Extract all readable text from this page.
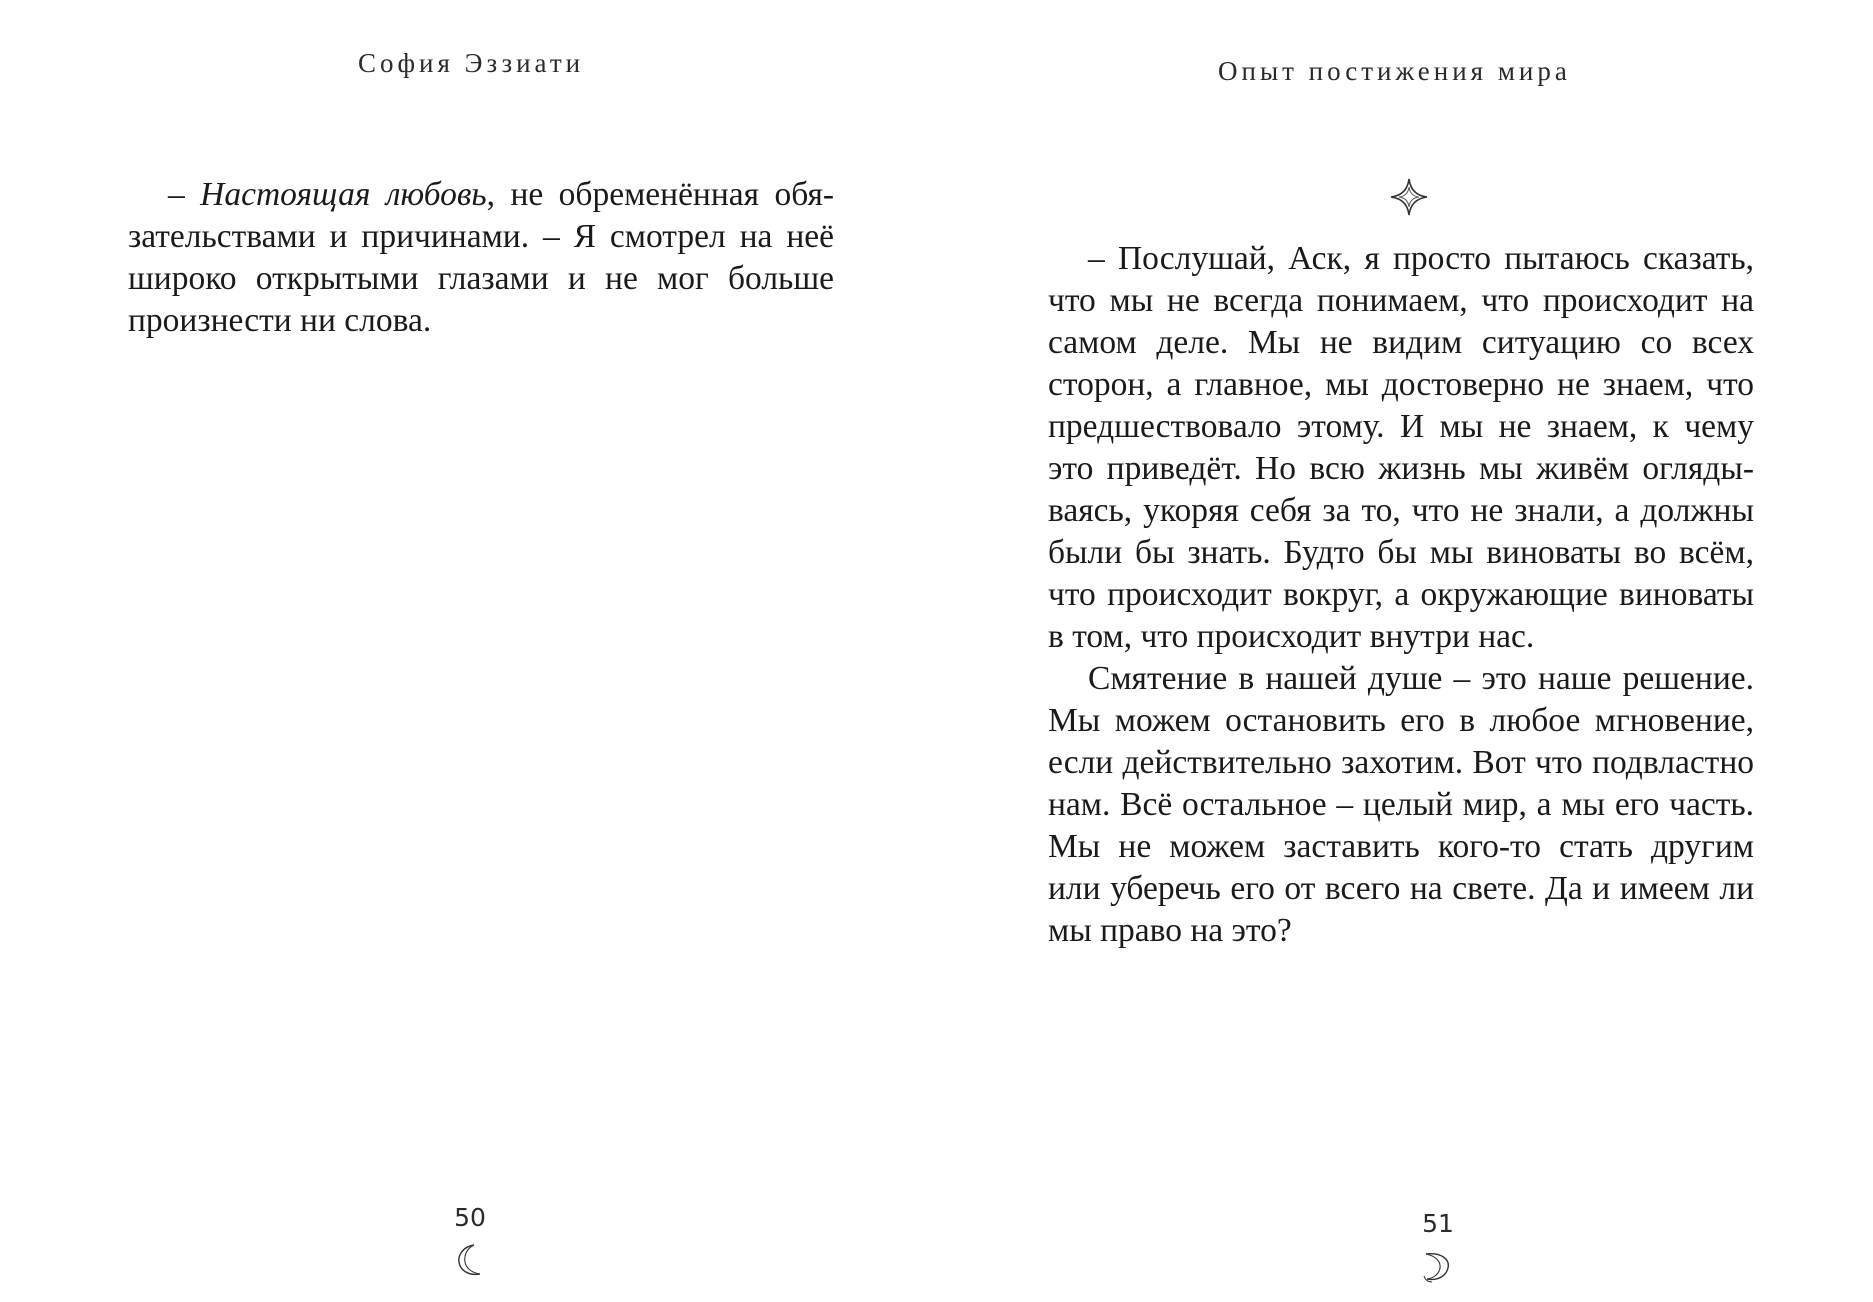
София Эззиати

– Настоящая любовь, не обременённая обязательствами и причинами. – Я смотрел на неё широко открытыми глазами и не мог больше произнести ни слова.

50
Опыт постижения мира

– Послушай, Аск, я просто пытаюсь сказать, что мы не всегда понимаем, что происходит на самом деле. Мы не видим ситуацию со всех сторон, а главное, мы достоверно не знаем, что предшествовало этому. И мы не знаем, к чему это приведёт. Но всю жизнь мы живём оглядываясь, укоряя себя за то, что не знали, а должны были бы знать. Будто бы мы виноваты во всём, что происходит вокруг, а окружающие виноваты в том, что происходит внутри нас.

Смятение в нашей душе – это наше решение. Мы можем остановить его в любое мгновение, если действительно захотим. Вот что подвластно нам. Всё остальное – целый мир, а мы его часть. Мы не можем заставить кого-то стать другим или уберечь его от всего на свете. Да и имеем ли мы право на это?

51
